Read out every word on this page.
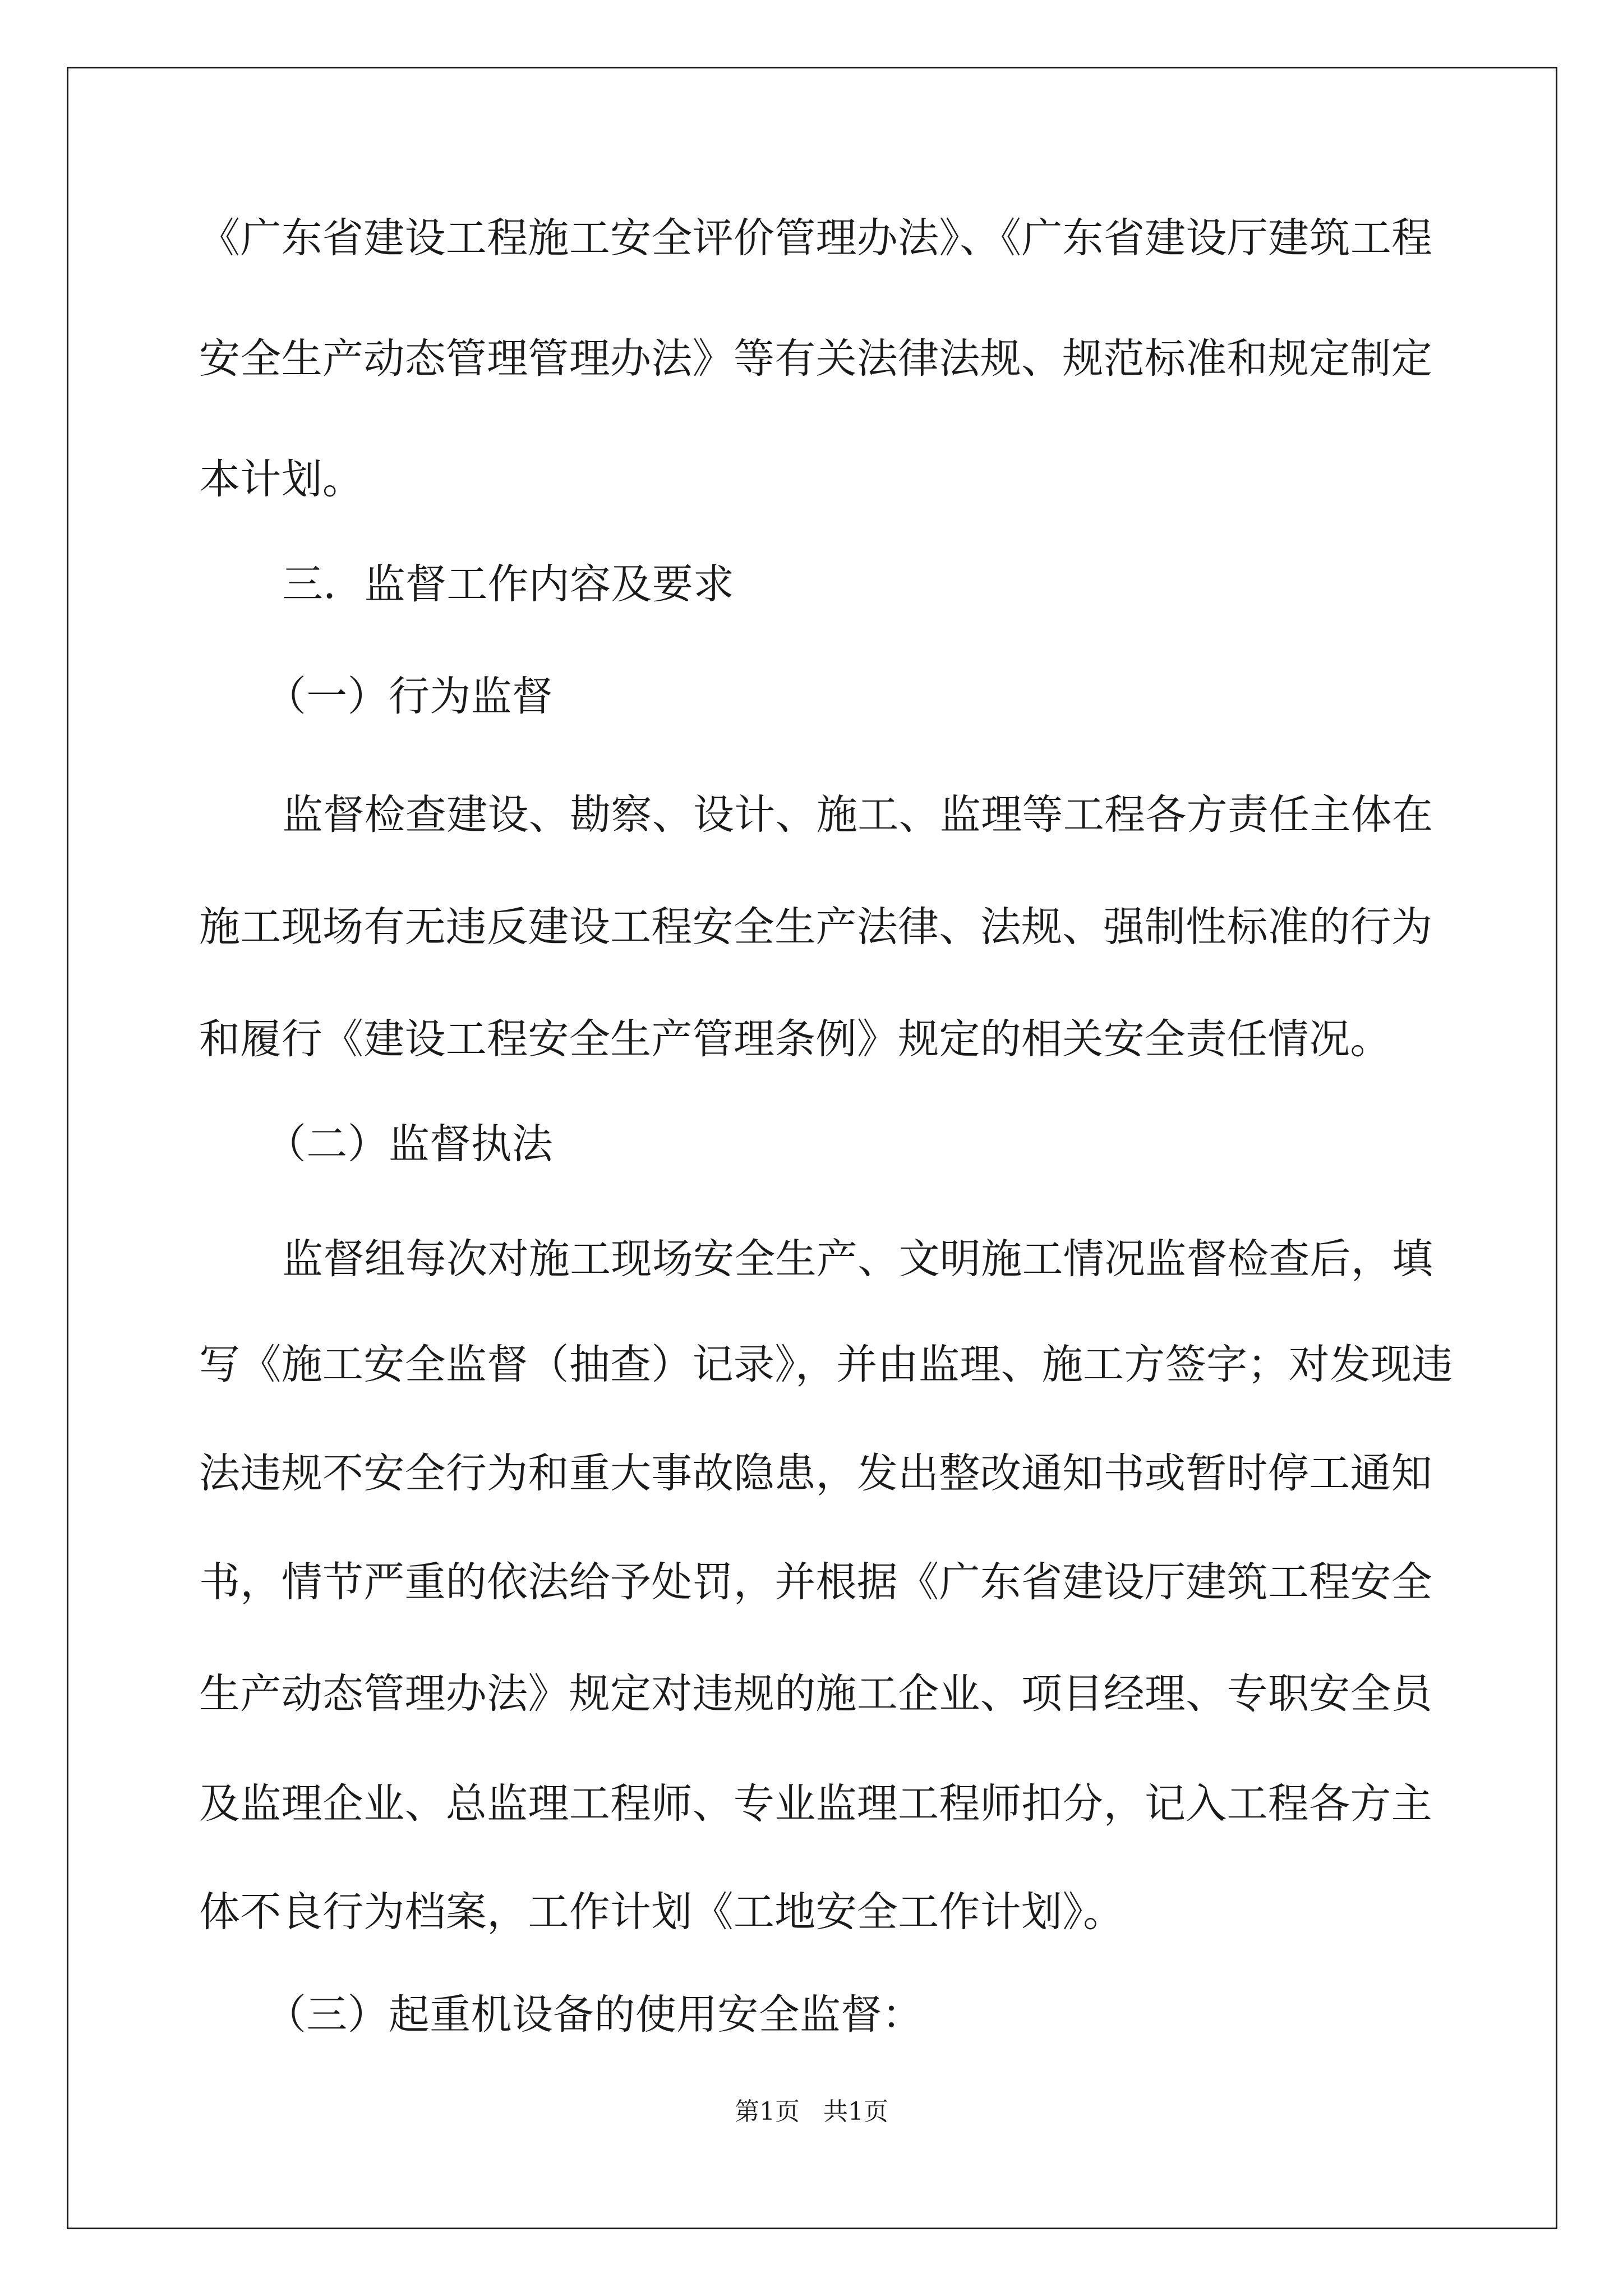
《广东省建设工程施工安全评价管理办法》、《广东省建设厅建筑工程
安全生产动态管理管理办法》等有关法律法规、规范标准和规定制定
本计划。
三．监督工作内容及要求
（一）行为监督
监督检查建设、勘察、设计、施工、监理等工程各方责任主体在
施工现场有无违反建设工程安全生产法律、法规、强制性标准的行为
和履行《建设工程安全生产管理条例》规定的相关安全责任情况。
（二）监督执法
监督组每次对施工现场安全生产、文明施工情况监督检查后，填
写《施工安全监督（抽查）记录》，并由监理、施工方签字；对发现违
法违规不安全行为和重大事故隐患，发出整改通知书或暂时停工通知
书，情节严重的依法给予处罚，并根据《广东省建设厅建筑工程安全
生产动态管理办法》规定对违规的施工企业、项目经理、专职安全员
及监理企业、总监理工程师、专业监理工程师扣分，记入工程各方主
体不良行为档案，工作计划《工地安全工作计划》。
（三）起重机设备的使用安全监督：
第1页   共1页
